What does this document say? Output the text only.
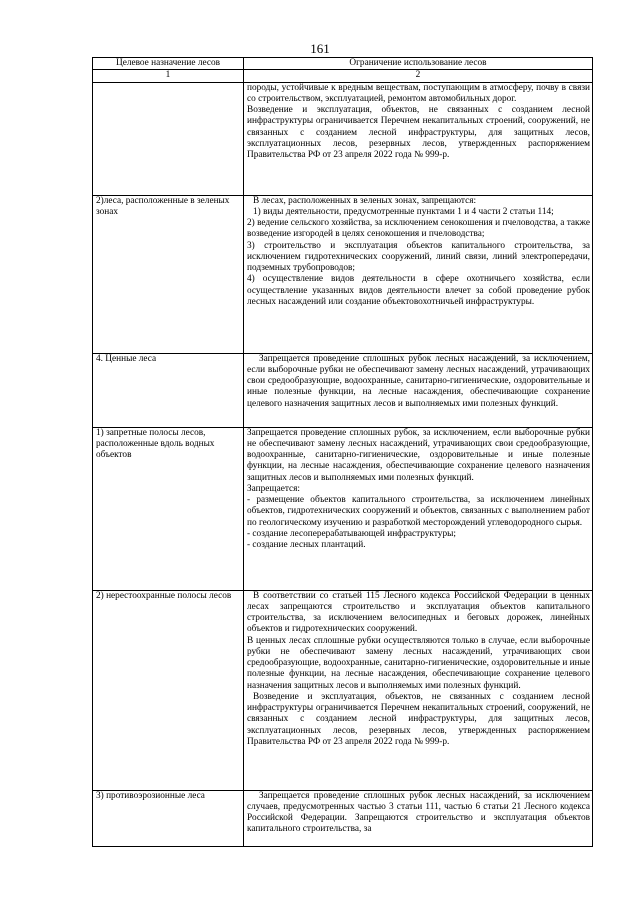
161
Целевое назначение лесов	Ограничение использование лесов
1	2

	породы, устойчивые к вредным веществам, поступающим в атмосферу, почву в связи со строительством, эксплуатацией, ремонтом автомобильных дорог.
Возведение и эксплуатация, объектов, не связанных с созданием лесной инфраструктуры ограничивается Перечнем некапитальных строений, сооружений, не связанных с созданием лесной инфраструктуры, для защитных лесов, эксплуатационных лесов, резервных лесов, утвержденных распоряжением Правительства РФ от 23 апреля 2022 года № 999-р.

2)леса, расположенные в зеленых зонах	В лесах, расположенных в зеленых зонах, запрещаются:
1) виды деятельности, предусмотренные пунктами 1 и 4 части 2 статьи 114;
2) ведение сельского хозяйства, за исключением сенокошения и пчеловодства, а также возведение изгородей в целях сенокошения и пчеловодства;
3) строительство и эксплуатация объектов капитального строительства, за исключением гидротехнических сооружений, линий связи, линий электропередачи, подземных трубопроводов;
4) осуществление видов деятельности в сфере охотничьего хозяйства, если осуществление указанных видов деятельности влечет за собой проведение рубок лесных насаждений или создание объектовохотничьей инфраструктуры.

4. Ценные леса	Запрещается проведение сплошных рубок лесных насаждений, за исключением, если выборочные рубки не обеспечивают замену лесных насаждений, утрачивающих свои средообразующие, водоохранные, санитарно-гигиенические, оздоровительные и иные полезные функции, на лесные насаждения, обеспечивающие сохранение целевого назначения защитных лесов и выполняемых ими полезных функций.

1) запретные полосы лесов, расположенные вдоль водных объектов	Запрещается проведение сплошных рубок, за исключением, если выборочные рубки не обеспечивают замену лесных насаждений, утрачивающих свои средообразующие, водоохранные, санитарно-гигиенические, оздоровительные и иные полезные функции, на лесные насаждения, обеспечивающие сохранение целевого назначения защитных лесов и выполняемых ими полезных функций.
Запрещается:
- размещение объектов капитального строительства, за исключением линейных объектов, гидротехнических сооружений и объектов, связанных с выполнением работ по геологическому изучению и разработкой месторождений углеводородного сырья.
- создание лесоперерабатывающей инфраструктуры;
- создание лесных плантаций.

2) нерестоохранные полосы лесов	В соответствии со статьей 115 Лесного кодекса Российской Федерации в ценных лесах запрещаются строительство и эксплуатация объектов капитального строительства, за исключением велосипедных и беговых дорожек, линейных объектов и гидротехнических сооружений.
В ценных лесах сплошные рубки осуществляются только в случае, если выборочные рубки не обеспечивают замену лесных насаждений, утрачивающих свои средообразующие, водоохранные, санитарно-гигиенические, оздоровительные и иные полезные функции, на лесные насаждения, обеспечивающие сохранение целевого назначения защитных лесов и выполняемых ими полезных функций.
Возведение и эксплуатация, объектов, не связанных с созданием лесной инфраструктуры ограничивается Перечнем некапитальных строений, сооружений, не связанных с созданием лесной инфраструктуры, для защитных лесов, эксплуатационных лесов, резервных лесов, утвержденных распоряжением Правительства РФ от 23 апреля 2022 года № 999-р.

3) противоэрозионные леса	Запрещается проведение сплошных рубок лесных насаждений, за исключением случаев, предусмотренных частью 3 статьи 111, частью 6 статьи 21 Лесного кодекса Российской Федерации. Запрещаются строительство и эксплуатация объектов капитального строительства, за
